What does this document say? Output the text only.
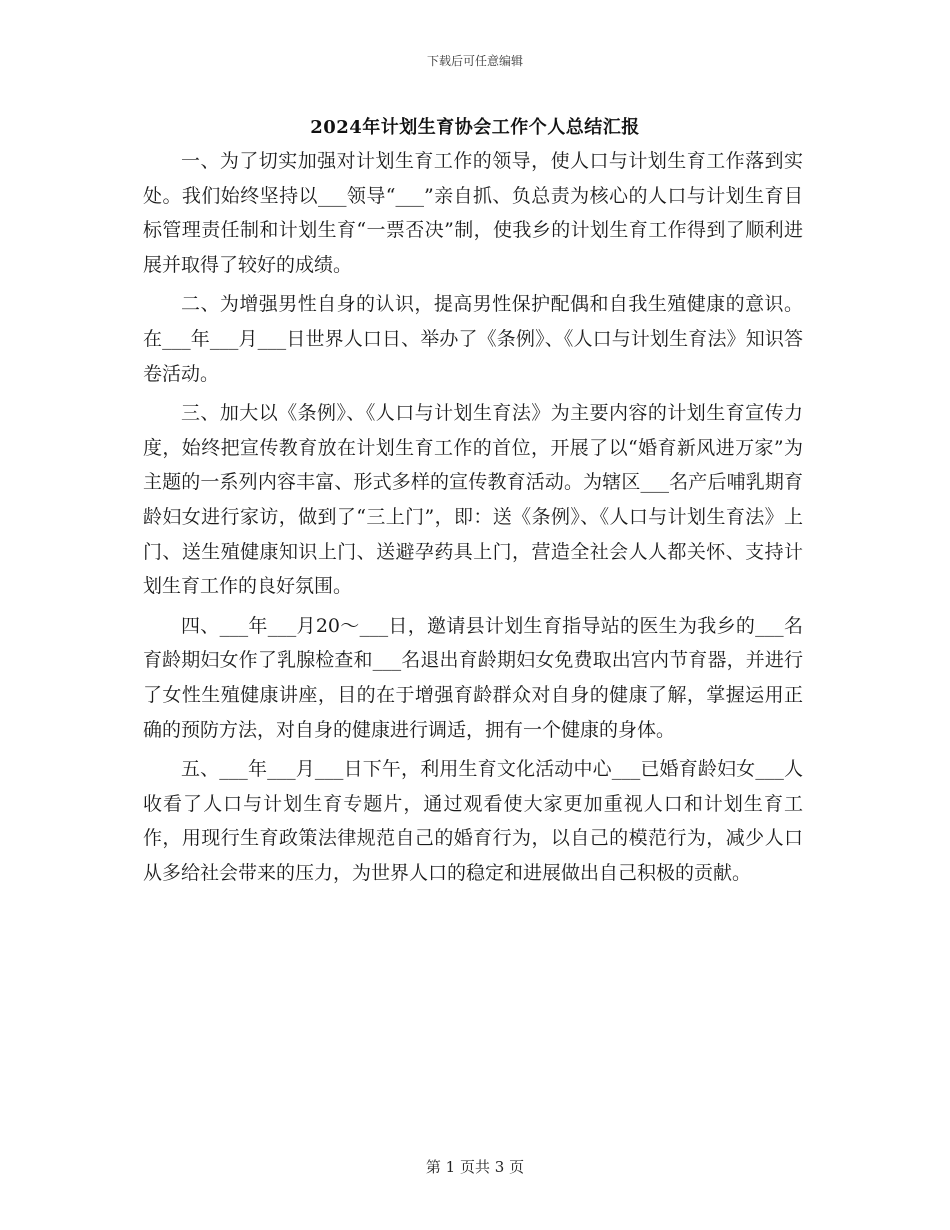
下载后可任意编辑
2024年计划生育协会工作个人总结汇报

一、为了切实加强对计划生育工作的领导，使人口与计划生育工作落到实处。我们始终坚持以___领导“___”亲自抓、负总责为核心的人口与计划生育目标管理责任制和计划生育“一票否决”制，使我乡的计划生育工作得到了顺利进展并取得了较好的成绩。

二、为增强男性自身的认识，提高男性保护配偶和自我生殖健康的意识。在___年___月___日世界人口日、举办了《条例》、《人口与计划生育法》知识答卷活动。

三、加大以《条例》、《人口与计划生育法》为主要内容的计划生育宣传力度，始终把宣传教育放在计划生育工作的首位，开展了以“婚育新风进万家”为主题的一系列内容丰富、形式多样的宣传教育活动。为辖区___名产后哺乳期育龄妇女进行家访，做到了“三上门”，即：送《条例》、《人口与计划生育法》上门、送生殖健康知识上门、送避孕药具上门，营造全社会人人都关怀、支持计划生育工作的良好氛围。

四、___年___月20～___日，邀请县计划生育指导站的医生为我乡的___名育龄期妇女作了乳腺检查和___名退出育龄期妇女免费取出宫内节育器，并进行了女性生殖健康讲座，目的在于增强育龄群众对自身的健康了解，掌握运用正确的预防方法，对自身的健康进行调适，拥有一个健康的身体。

五、___年___月___日下午，利用生育文化活动中心___已婚育龄妇女___人收看了人口与计划生育专题片，通过观看使大家更加重视人口和计划生育工作，用现行生育政策法律规范自己的婚育行为，以自己的模范行为，减少人口从多给社会带来的压力，为世界人口的稳定和进展做出自己积极的贡献。

第 1 页共 3 页
